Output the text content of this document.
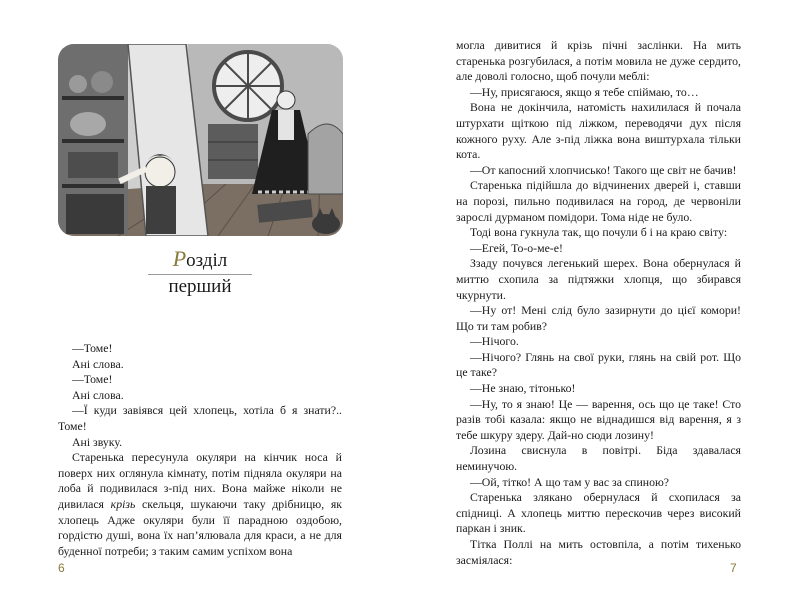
Розділ
перший

—Томе!

Ані слова.

—Томе!

Ані слова.

—Ї куди завіявся цей хлопець, хотіла б я знати?.. Томе!

Ані звуку.

Старенька пересунула окуляри на кінчик носа й поверх них оглянула кімнату, потім підняла окуляри на лоба й подивилася з-під них. Вона майже ніколи не дивилася крізь скельця, шукаючи таку дрібницю, як хлопець Адже окуляри були її парадною оздобою, гордістю душі, вона їх нап’ялювала для краси, а не для буденної потреби; з таким самим успіхом вона

6

могла дивитися й крізь пічні заслінки. На мить старенька розгубилася, а потім мовила не дуже сердито, але доволі голосно, щоб почули меблі:

—Ну, присягаюся, якщо я тебе спіймаю, то…

Вона не докінчила, натомість нахилилася й почала штурхати щіткою під ліжком, переводячи дух після кожного руху. Але з-під ліжка вона виштурхала тільки кота.

—От капосний хлопчисько! Такого ще світ не бачив!

Старенька підійшла до відчинених дверей і, ставши на порозі, пильно подивилася на город, де червоніли зарослі дурманом помідори. Тома ніде не було.

Тоді вона гукнула так, що почули б і на краю світу:

—Егей, То-о-ме-е!

Ззаду почувся легенький шерех. Вона обернулася й миттю схопила за підтяжки хлопця, що збирався чкурнути.

—Ну от! Мені слід було зазирнути до цієї комори! Що ти там робив?

—Нічого.

—Нічого? Глянь на свої руки, глянь на свій рот. Що це таке?

—Не знаю, тітонько!

—Ну, то я знаю! Це — варення, ось що це таке! Сто разів тобі казала: якщо не віднадишся від варення, я з тебе шкуру здеру. Дай-но сюди лозину!

Лозина свиснула в повітрі. Біда здавалася неминучою.

—Ой, тітко! А що там у вас за спиною?

Старенька злякано обернулася й схопилася за спідниці. А хлопець миттю перескочив через високий паркан і зник.

Тітка Поллі на мить остовпіла, а потім тихенько засміялася:

7
